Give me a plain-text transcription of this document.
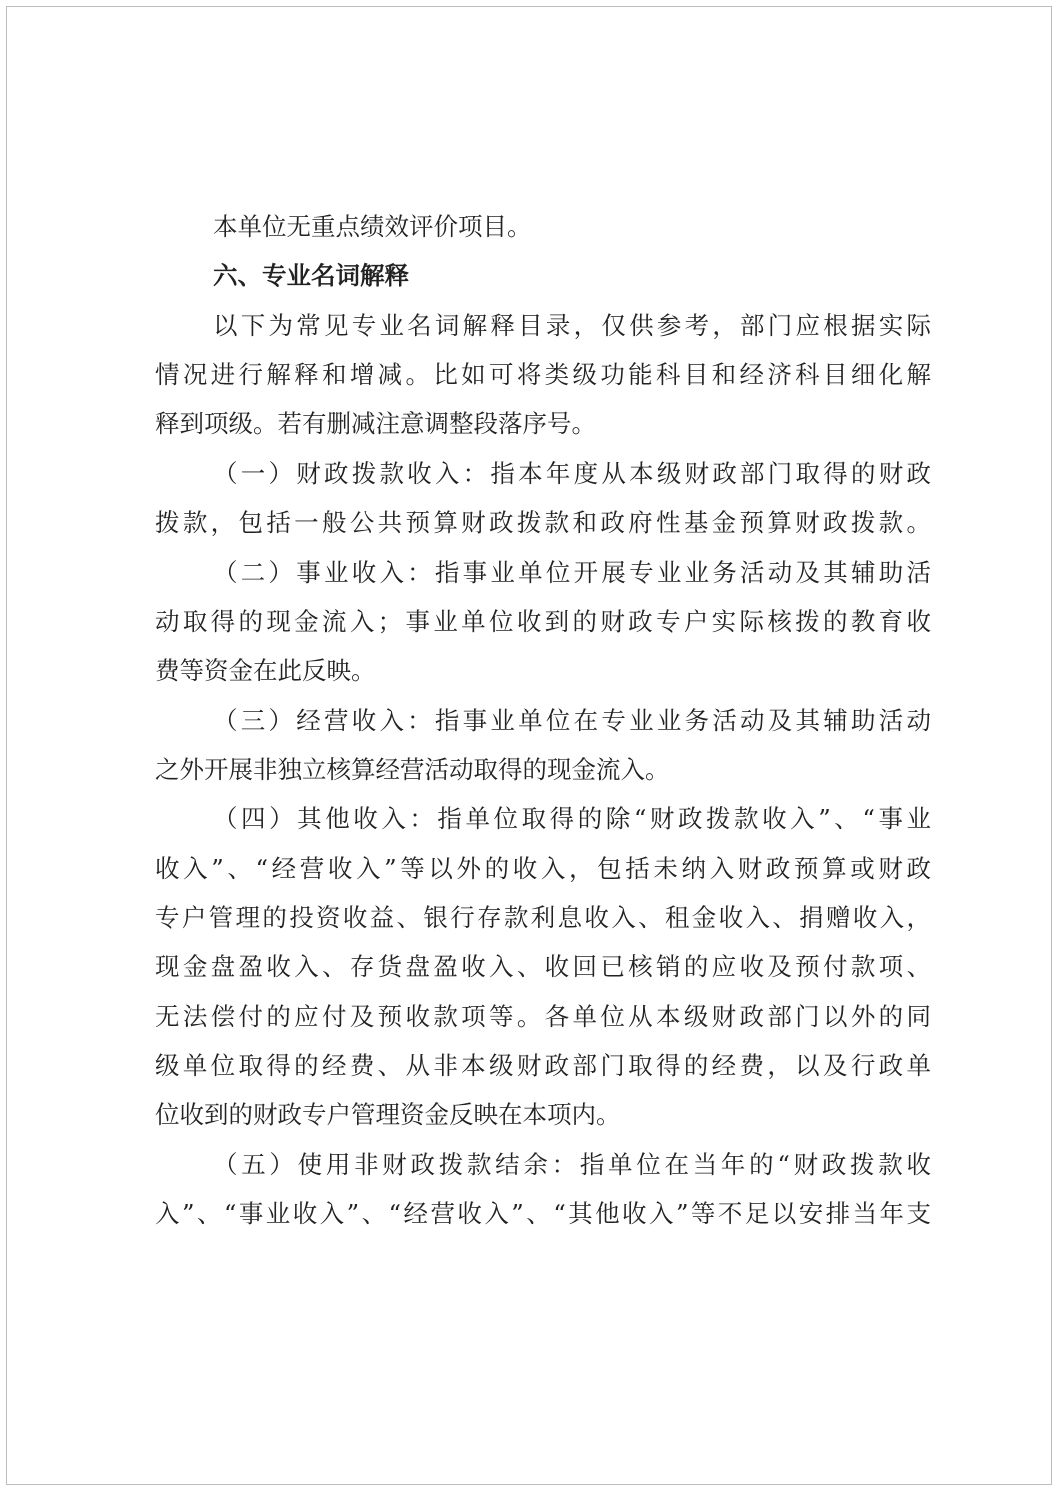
本单位无重点绩效评价项目。
六、专业名词解释
以下为常见专业名词解释目录，仅供参考，部门应根据实际
情况进行解释和增减。比如可将类级功能科目和经济科目细化解
释到项级。若有删减注意调整段落序号。
（一）财政拨款收入：指本年度从本级财政部门取得的财政
拨款，包括一般公共预算财政拨款和政府性基金预算财政拨款。
（二）事业收入：指事业单位开展专业业务活动及其辅助活
动取得的现金流入；事业单位收到的财政专户实际核拨的教育收
费等资金在此反映。
（三）经营收入：指事业单位在专业业务活动及其辅助活动
之外开展非独立核算经营活动取得的现金流入。
（四）其他收入：指单位取得的除“财政拨款收入”、“事业
收入”、“经营收入”等以外的收入，包括未纳入财政预算或财政
专户管理的投资收益、银行存款利息收入、租金收入、捐赠收入，
现金盘盈收入、存货盘盈收入、收回已核销的应收及预付款项、
无法偿付的应付及预收款项等。各单位从本级财政部门以外的同
级单位取得的经费、从非本级财政部门取得的经费，以及行政单
位收到的财政专户管理资金反映在本项内。
（五）使用非财政拨款结余：指单位在当年的“财政拨款收
入”、“事业收入”、“经营收入”、“其他收入”等不足以安排当年支
